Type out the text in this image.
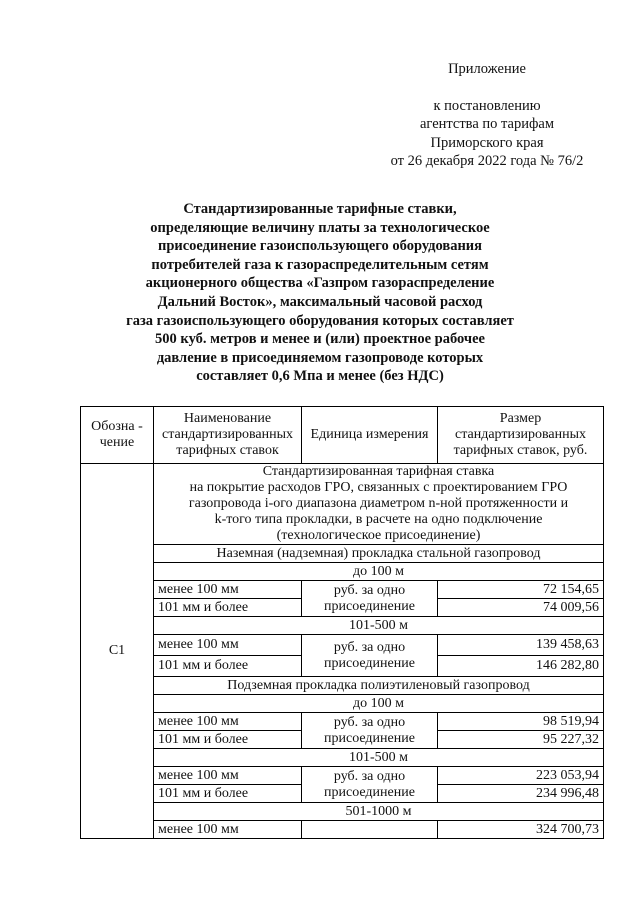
Приложение
к постановлению
агентства по тарифам
Приморского края
от 26 декабря 2022 года № 76/2
Стандартизированные тарифные ставки,
определяющие величину платы за технологическое
присоединение газоиспользующего оборудования
потребителей газа к газораспределительным сетям
акционерного общества «Газпром газораспределение
Дальний Восток», максимальный часовой расход
газа газоиспользующего оборудования которых составляет
500 куб. метров и менее и (или) проектное рабочее
давление в присоединяемом газопроводе которых
составляет 0,6 Мпа и менее (без НДС)
Обозна - чение	Наименование стандартизированных тарифных ставок	Единица измерения	Размер стандартизированных тарифных ставок, руб.
С1	Стандартизированная тарифная ставка
на покрытие расходов ГРО, связанных с проектированием ГРО
газопровода i-ого диапазона диаметром n-ной протяженности и
k-того типа прокладки, в расчете на одно подключение
(технологическое присоединение)		

	Наземная (надземная) прокладка стальной газопровод		
	до 100 м		
	менее 100 мм	руб. за одно
присоединение	72 154,65
	101 мм и более		74 009,56
	101-500 м		
	менее 100 мм	руб. за одно
присоединение	139 458,63
	101 мм и более		146 282,80
	Подземная прокладка полиэтиленовый газопровод		
	до 100 м		
	менее 100 мм	руб. за одно
присоединение	98 519,94
	101 мм и более		95 227,32
	101-500 м		
	менее 100 мм	руб. за одно
присоединение	223 053,94
	101 мм и более		234 996,48
	501-1000 м		
	менее 100 мм		324 700,73
